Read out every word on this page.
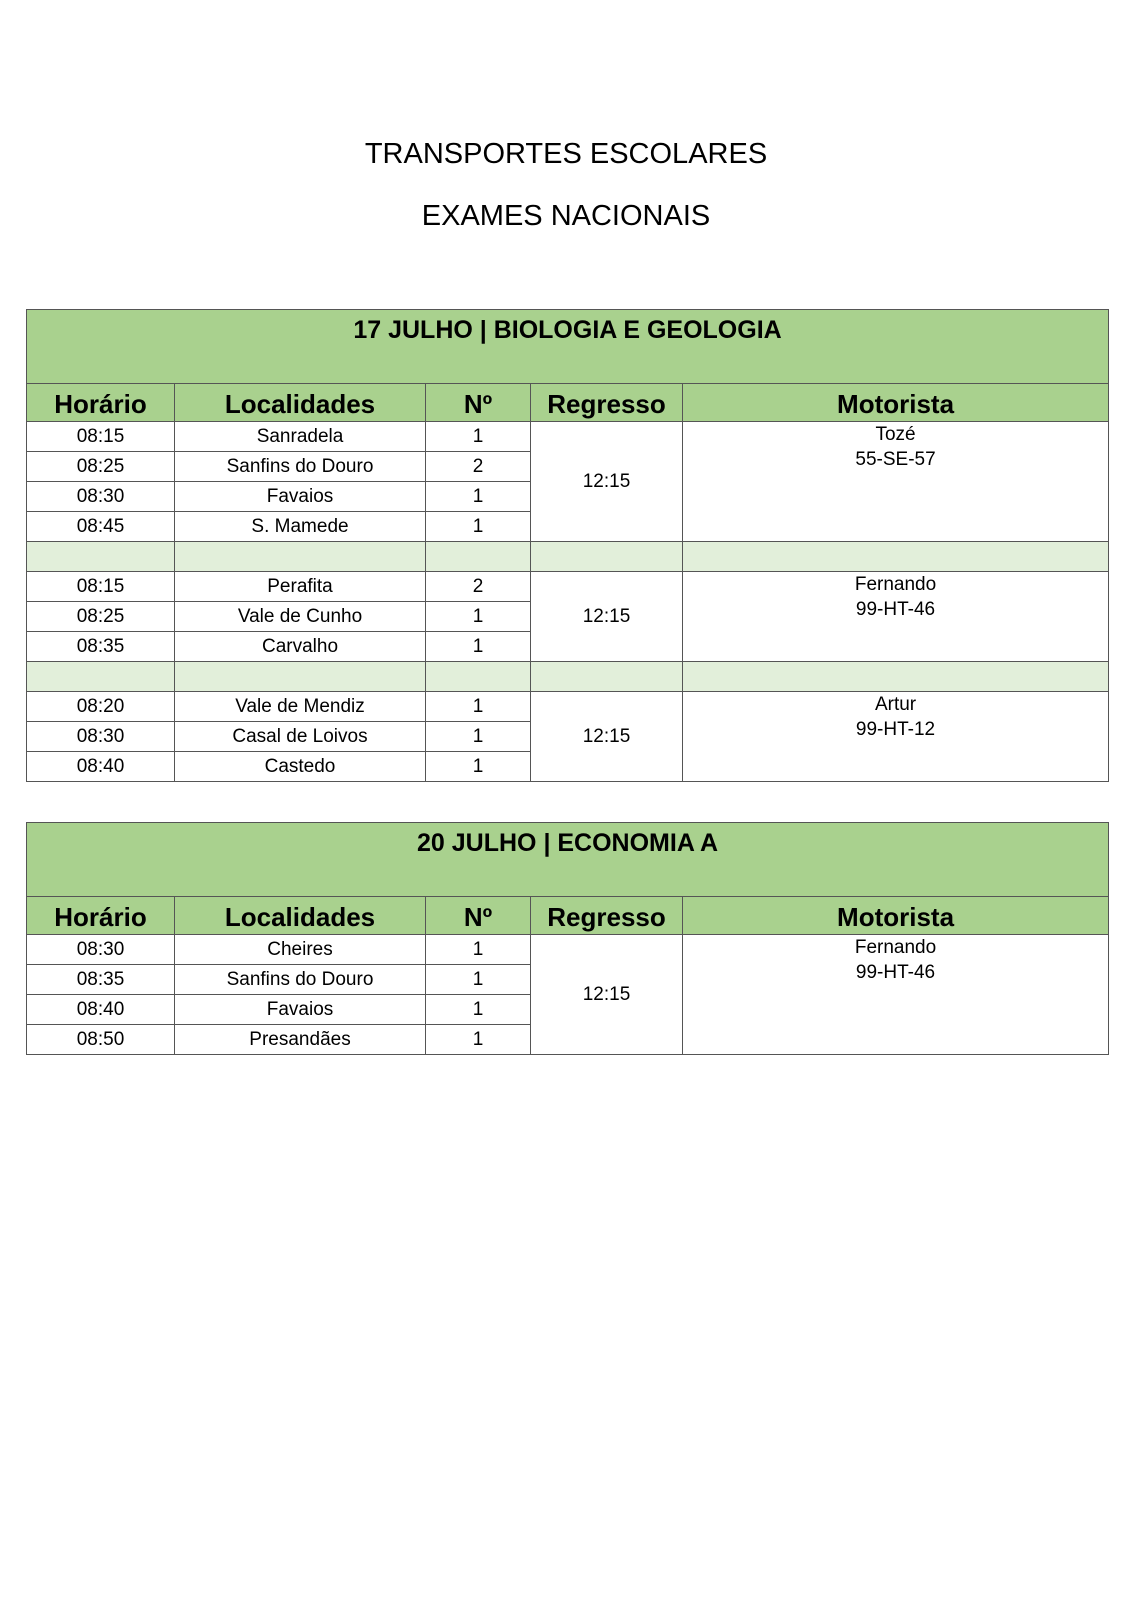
TRANSPORTES ESCOLARES
EXAMES NACIONAIS
17 JULHO | BIOLOGIA E GEOLOGIA				
Horário	Localidades	Nº	Regresso	Motorista
08:15	Sanradela	1	12:15	Tozé
55-SE-57

08:25	Sanfins do Douro	2		
08:30	Favaios	1		
08:45	S. Mamede	1		

08:15	Perafita	2	12:15	Fernando
99-HT-46

08:25	Vale de Cunho	1		
08:35	Carvalho	1		

08:20	Vale de Mendiz	1	12:15	Artur
99-HT-12

08:30	Casal de Loivos	1		
08:40	Castedo	1		
20 JULHO | ECONOMIA A				
Horário	Localidades	Nº	Regresso	Motorista
08:30	Cheires	1	12:15	Fernando
99-HT-46

08:35	Sanfins do Douro	1		
08:40	Favaios	1		
08:50	Presandães	1		
